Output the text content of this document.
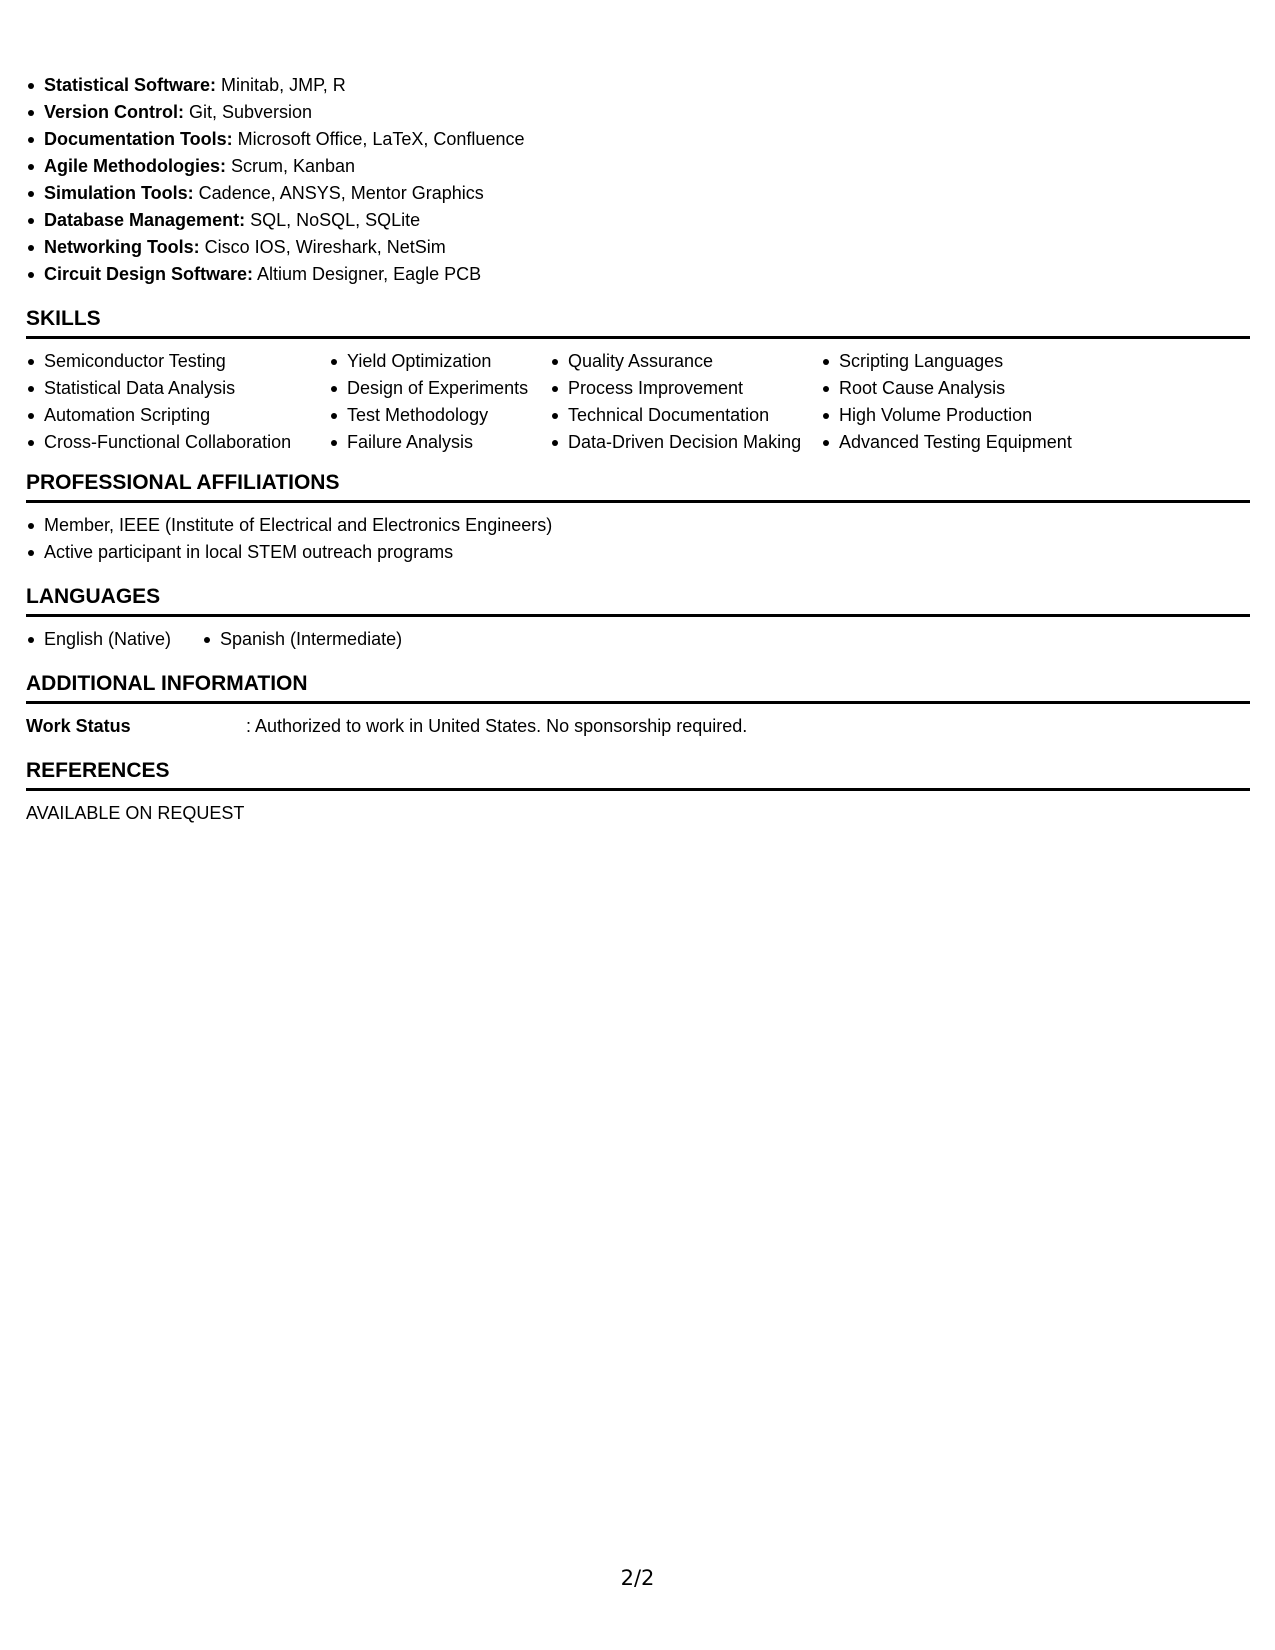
Statistical Software: Minitab, JMP, R
Version Control: Git, Subversion
Documentation Tools: Microsoft Office, LaTeX, Confluence
Agile Methodologies: Scrum, Kanban
Simulation Tools: Cadence, ANSYS, Mentor Graphics
Database Management: SQL, NoSQL, SQLite
Networking Tools: Cisco IOS, Wireshark, NetSim
Circuit Design Software: Altium Designer, Eagle PCB
SKILLS
Semiconductor Testing
Statistical Data Analysis
Automation Scripting
Cross-Functional Collaboration
Yield Optimization
Design of Experiments
Test Methodology
Failure Analysis
Quality Assurance
Process Improvement
Technical Documentation
Data-Driven Decision Making
Scripting Languages
Root Cause Analysis
High Volume Production
Advanced Testing Equipment
PROFESSIONAL AFFILIATIONS
Member, IEEE (Institute of Electrical and Electronics Engineers)
Active participant in local STEM outreach programs
LANGUAGES
English (Native)	Spanish (Intermediate)
ADDITIONAL INFORMATION
Work Status	: Authorized to work in United States. No sponsorship required.
REFERENCES
AVAILABLE ON REQUEST
2/2
